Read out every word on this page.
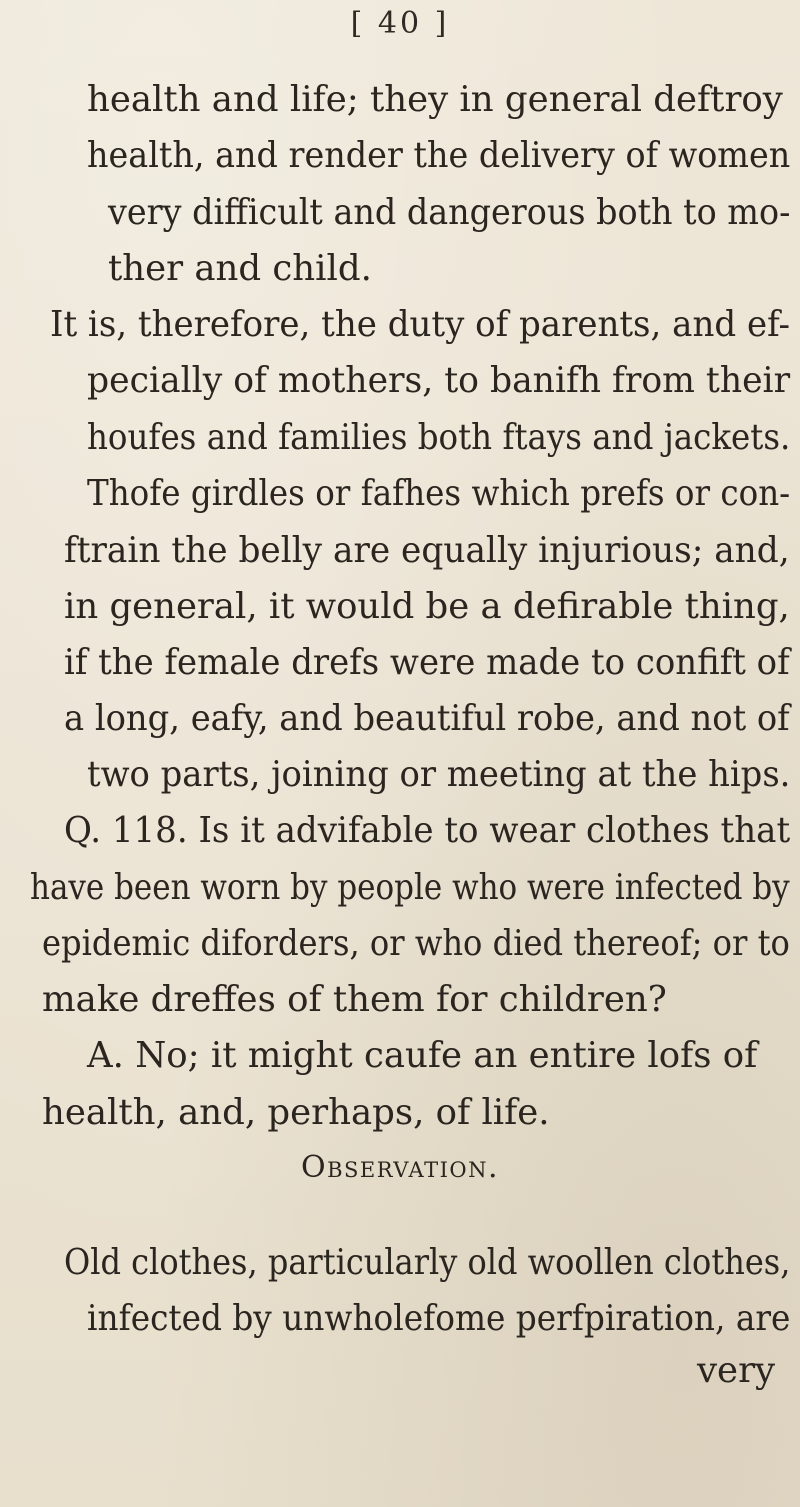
[ 40 ]
health and life; they in general deftroy
health, and render the delivery of women
very difficult and dangerous both to mo-
ther and child.
It is, therefore, the duty of parents, and ef-
pecially of mothers, to banifh from their
houfes and families both ftays and jackets.
Thofe girdles or fafhes which prefs or con-
ftrain the belly are equally injurious; and,
in general, it would be a defirable thing,
if the female drefs were made to confift of
a long, eafy, and beautiful robe, and not of
two parts, joining or meeting at the hips.
Q. 118. Is it advifable to wear clothes that
have been worn by people who were infected by
epidemic diforders, or who died thereof; or to
make dreffes of them for children?
A. No; it might caufe an entire lofs of
health, and, perhaps, of life.
Observation.
Old clothes, particularly old woollen clothes,
infected by unwholefome perfpiration, are
very
